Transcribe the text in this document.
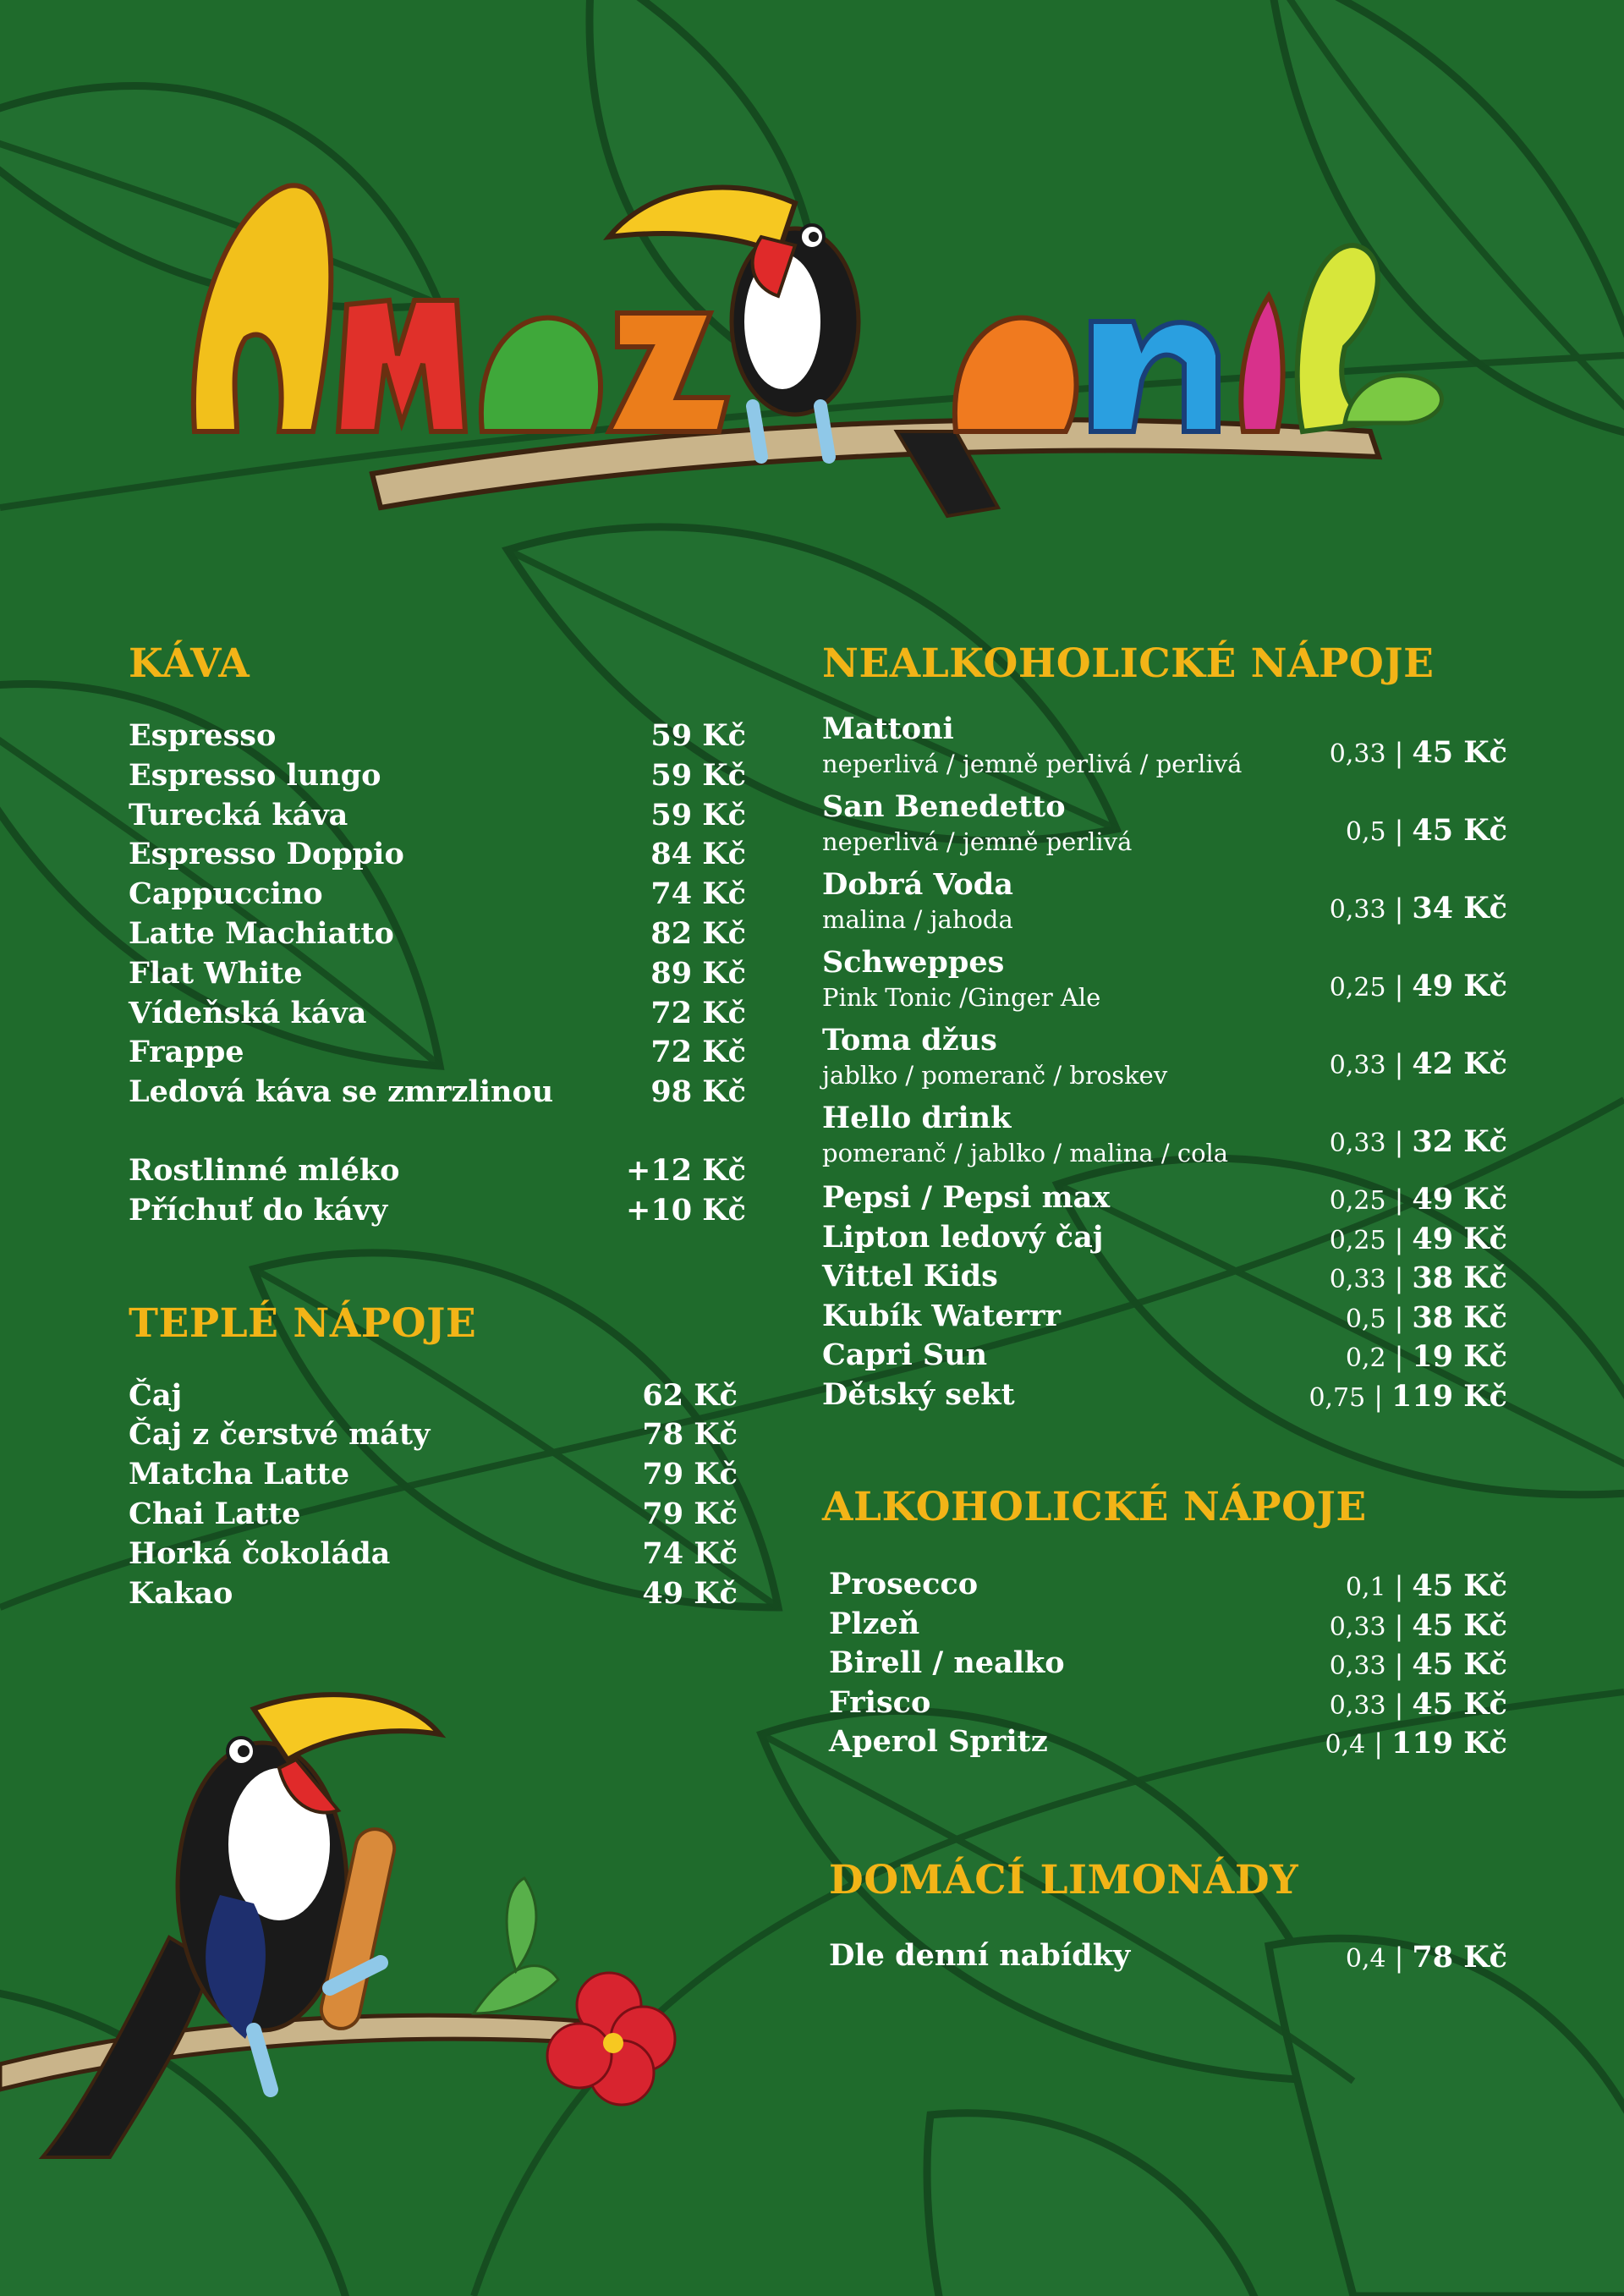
KÁVA
Espresso	59 Kč
Espresso lungo	59 Kč
Turecká káva	59 Kč
Espresso Doppio	84 Kč
Cappuccino	74 Kč
Latte Machiatto	82 Kč
Flat White	89 Kč
Vídeňská káva	72 Kč
Frappe	72 Kč
Ledová káva se zmrzlinou	98 Kč
Rostlinné mléko	+12 Kč
Příchuť do kávy	+10 Kč
TEPLÉ NÁPOJE
Čaj	62 Kč
Čaj z čerstvé máty	78 Kč
Matcha Latte	79 Kč
Chai Latte	79 Kč
Horká čokoláda	74 Kč
Kakao	49 Kč
NEALKOHOLICKÉ NÁPOJE
Mattoni
neperlivá / jemně perlivá / perlivá	0,33 | 45 Kč
San Benedetto
neperlivá / jemně perlivá	0,5 | 45 Kč
Dobrá Voda
malina / jahoda	0,33 | 34 Kč
Schweppes
Pink Tonic /Ginger Ale	0,25 | 49 Kč
Toma džus
jablko / pomeranč / broskev	0,33 | 42 Kč
Hello drink
pomeranč / jablko / malina / cola	0,33 | 32 Kč
Pepsi / Pepsi max	0,25 | 49 Kč
Lipton ledový čaj	0,25 | 49 Kč
Vittel Kids	0,33 | 38 Kč
Kubík Waterrr	0,5 | 38 Kč
Capri Sun	0,2 | 19 Kč
Dětský sekt	0,75 | 119 Kč
ALKOHOLICKÉ NÁPOJE
Prosecco	0,1 | 45 Kč
Plzeň	0,33 | 45 Kč
Birell / nealko	0,33 | 45 Kč
Frisco	0,33 | 45 Kč
Aperol Spritz	0,4 | 119 Kč
DOMÁCÍ LIMONÁDY
Dle denní nabídky	0,4 | 78 Kč
